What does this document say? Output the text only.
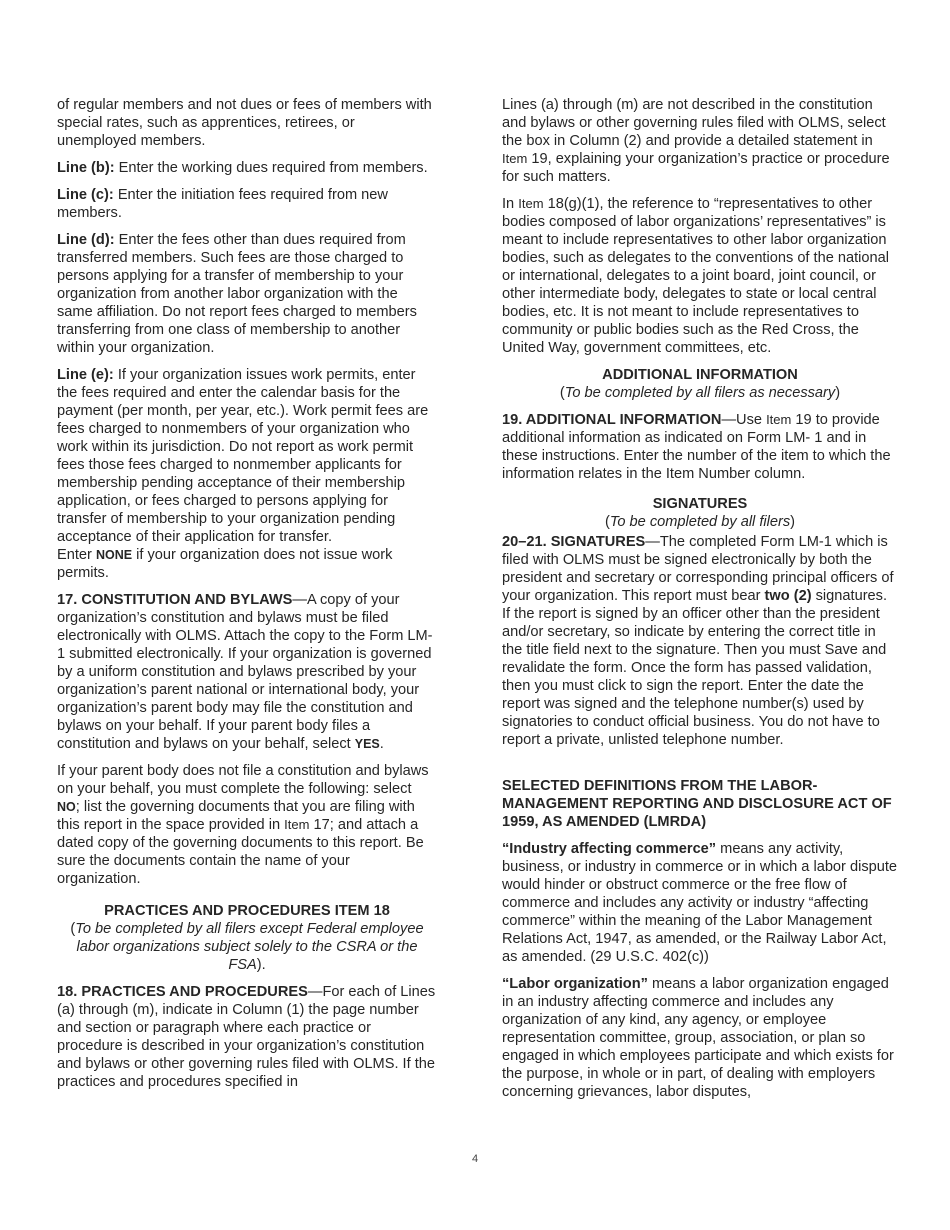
of regular members and not dues or fees of members with special rates, such as apprentices, retirees, or unemployed members.

Line (b): Enter the working dues required from members.

Line (c): Enter the initiation fees required from new members.

Line (d): Enter the fees other than dues required from transferred members. Such fees are those charged to persons applying for a transfer of membership to your organization from another labor organization with the same affiliation. Do not report fees charged to members transferring from one class of membership to another within your organization.

Line (e): If your organization issues work permits, enter the fees required and enter the calendar basis for the payment (per month, per year, etc.). Work permit fees are fees charged to nonmembers of your organization who work within its jurisdiction. Do not report as work permit fees those fees charged to nonmember applicants for membership pending acceptance of their membership application, or fees charged to persons applying for transfer of membership to your organization pending acceptance of their application for transfer.

Enter NONE if your organization does not issue work permits.

17. CONSTITUTION AND BYLAWS—A copy of your organization’s constitution and bylaws must be filed electronically with OLMS. Attach the copy to the Form LM-1 submitted electronically. If your organization is governed by a uniform constitution and bylaws prescribed by your organization’s parent national or international body, your organization’s parent body may file the constitution and bylaws on your behalf. If your parent body files a constitution and bylaws on your behalf, select YES.

If your parent body does not file a constitution and bylaws on your behalf, you must complete the following: select NO; list the governing documents that you are filing with this report in the space provided in Item 17; and attach a dated copy of the governing documents to this report. Be sure the documents contain the name of your organization.

PRACTICES AND PROCEDURES ITEM 18

(To be completed by all filers except Federal employee labor organizations subject solely to the CSRA or the FSA).

18. PRACTICES AND PROCEDURES—For each of Lines (a) through (m), indicate in Column (1) the page number and section or paragraph where each practice or procedure is described in your organization’s constitution and bylaws or other governing rules filed with OLMS. If the practices and procedures specified in

Lines (a) through (m) are not described in the constitution and bylaws or other governing rules filed with OLMS, select the box in Column (2) and provide a detailed statement in Item 19, explaining your organization’s practice or procedure for such matters.

In Item 18(g)(1), the reference to “representatives to other bodies composed of labor organizations’ representatives” is meant to include representatives to other labor organization bodies, such as delegates to the conventions of the national or international, delegates to a joint board, joint council, or other intermediate body, delegates to state or local central bodies, etc. It is not meant to include representatives to community or public bodies such as the Red Cross, the United Way, government committees, etc.

ADDITIONAL INFORMATION

(To be completed by all filers as necessary)

19. ADDITIONAL INFORMATION—Use Item 19 to provide additional information as indicated on Form LM- 1 and in these instructions. Enter the number of the item to which the information relates in the Item Number column.

SIGNATURES

(To be completed by all filers)

20–21. SIGNATURES—The completed Form LM-1 which is filed with OLMS must be signed electronically by both the president and secretary or corresponding principal officers of your organization. This report must bear two (2) signatures. If the report is signed by an officer other than the president and/or secretary, so indicate by entering the correct title in the title field next to the signature. Then you must Save and revalidate the form. Once the form has passed validation, then you must click to sign the report. Enter the date the report was signed and the telephone number(s) used by signatories to conduct official business. You do not have to report a private, unlisted telephone number.

SELECTED DEFINITIONS FROM THE LABOR-MANAGEMENT REPORTING AND DISCLOSURE ACT OF 1959, AS AMENDED (LMRDA)

“Industry affecting commerce” means any activity, business, or industry in commerce or in which a labor dispute would hinder or obstruct commerce or the free flow of commerce and includes any activity or industry “affecting commerce” within the meaning of the Labor Management Relations Act, 1947, as amended, or the Railway Labor Act, as amended. (29 U.S.C. 402(c))

“Labor organization” means a labor organization engaged in an industry affecting commerce and includes any organization of any kind, any agency, or employee representation committee, group, association, or plan so engaged in which employees participate and which exists for the purpose, in whole or in part, of dealing with employers concerning grievances, labor disputes,

4
